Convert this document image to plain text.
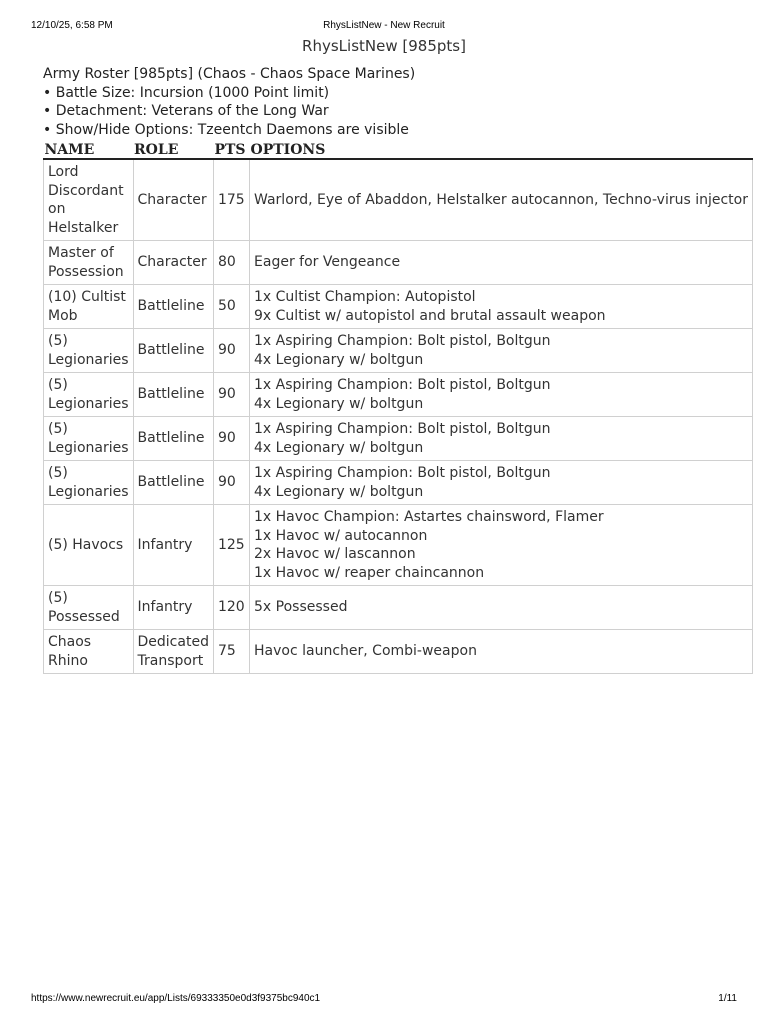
12/10/25, 6:58 PM	RhysListNew - New Recruit
RhysListNew [985pts]
Army Roster [985pts] (Chaos - Chaos Space Marines)
• Battle Size: Incursion (1000 Point limit)
• Detachment: Veterans of the Long War
• Show/Hide Options: Tzeentch Daemons are visible
NAME	ROLE	PTS	OPTIONS
Lord Discordant on Helstalker	Character	175	Warlord, Eye of Abaddon, Helstalker autocannon, Techno-virus injector

Master of Possession	Character	80	Eager for Vengeance

(10) Cultist Mob	Battleline	50	1x Cultist Champion: Autopistol
9x Cultist w/ autopistol and brutal assault weapon

(5) Legionaries	Battleline	90	1x Aspiring Champion: Bolt pistol, Boltgun
4x Legionary w/ boltgun

(5) Legionaries	Battleline	90	1x Aspiring Champion: Bolt pistol, Boltgun
4x Legionary w/ boltgun

(5) Legionaries	Battleline	90	1x Aspiring Champion: Bolt pistol, Boltgun
4x Legionary w/ boltgun

(5) Legionaries	Battleline	90	1x Aspiring Champion: Bolt pistol, Boltgun
4x Legionary w/ boltgun

(5) Havocs	Infantry	125	1x Havoc Champion: Astartes chainsword, Flamer
1x Havoc w/ autocannon
2x Havoc w/ lascannon
1x Havoc w/ reaper chaincannon

(5) Possessed	Infantry	120	5x Possessed

Chaos Rhino	Dedicated Transport	75	Havoc launcher, Combi-weapon
https://www.newrecruit.eu/app/Lists/69333350e0d3f9375bc940c1	1/11
